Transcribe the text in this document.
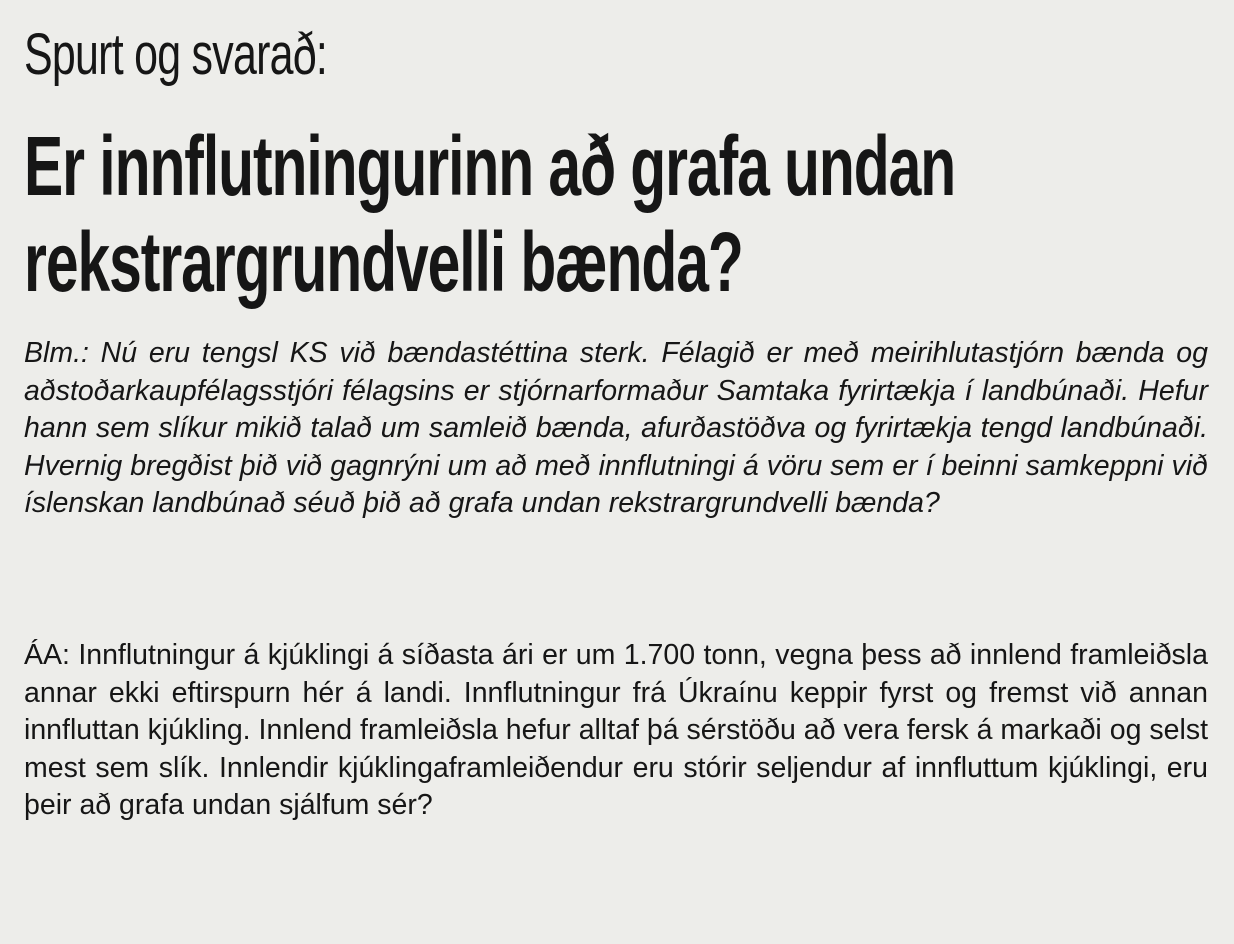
Spurt og svarað:
Er innflutningurinn að grafa undan
rekstrargrundvelli bænda?

Blm.: Nú eru tengsl KS við bændastéttina sterk. Félagið er með meirihlutastjórn bænda og aðstoðarkaupfélagsstjóri félagsins er stjórnarformaður Samtaka fyrirtækja í landbúnaði. Hefur hann sem slíkur mikið talað um samleið bænda, afurðastöðva og fyrirtækja tengd landbúnaði. Hvernig bregðist þið við gagnrýni um að með innflutningi á vöru sem er í beinni samkeppni við íslenskan landbúnað séuð þið að grafa undan rekstrargrundvelli bænda?

ÁA: Innflutningur á kjúklingi á síðasta ári er um 1.700 tonn, vegna þess að innlend framleiðsla annar ekki eftirspurn hér á landi. Innflutningur frá Úkraínu keppir fyrst og fremst við annan innfluttan kjúkling. Innlend framleiðsla hefur alltaf þá sérstöðu að vera fersk á markaði og selst mest sem slík. Innlendir kjúklingaframleiðendur eru stórir seljendur af innfluttum kjúklingi, eru þeir að grafa undan sjálfum sér?
